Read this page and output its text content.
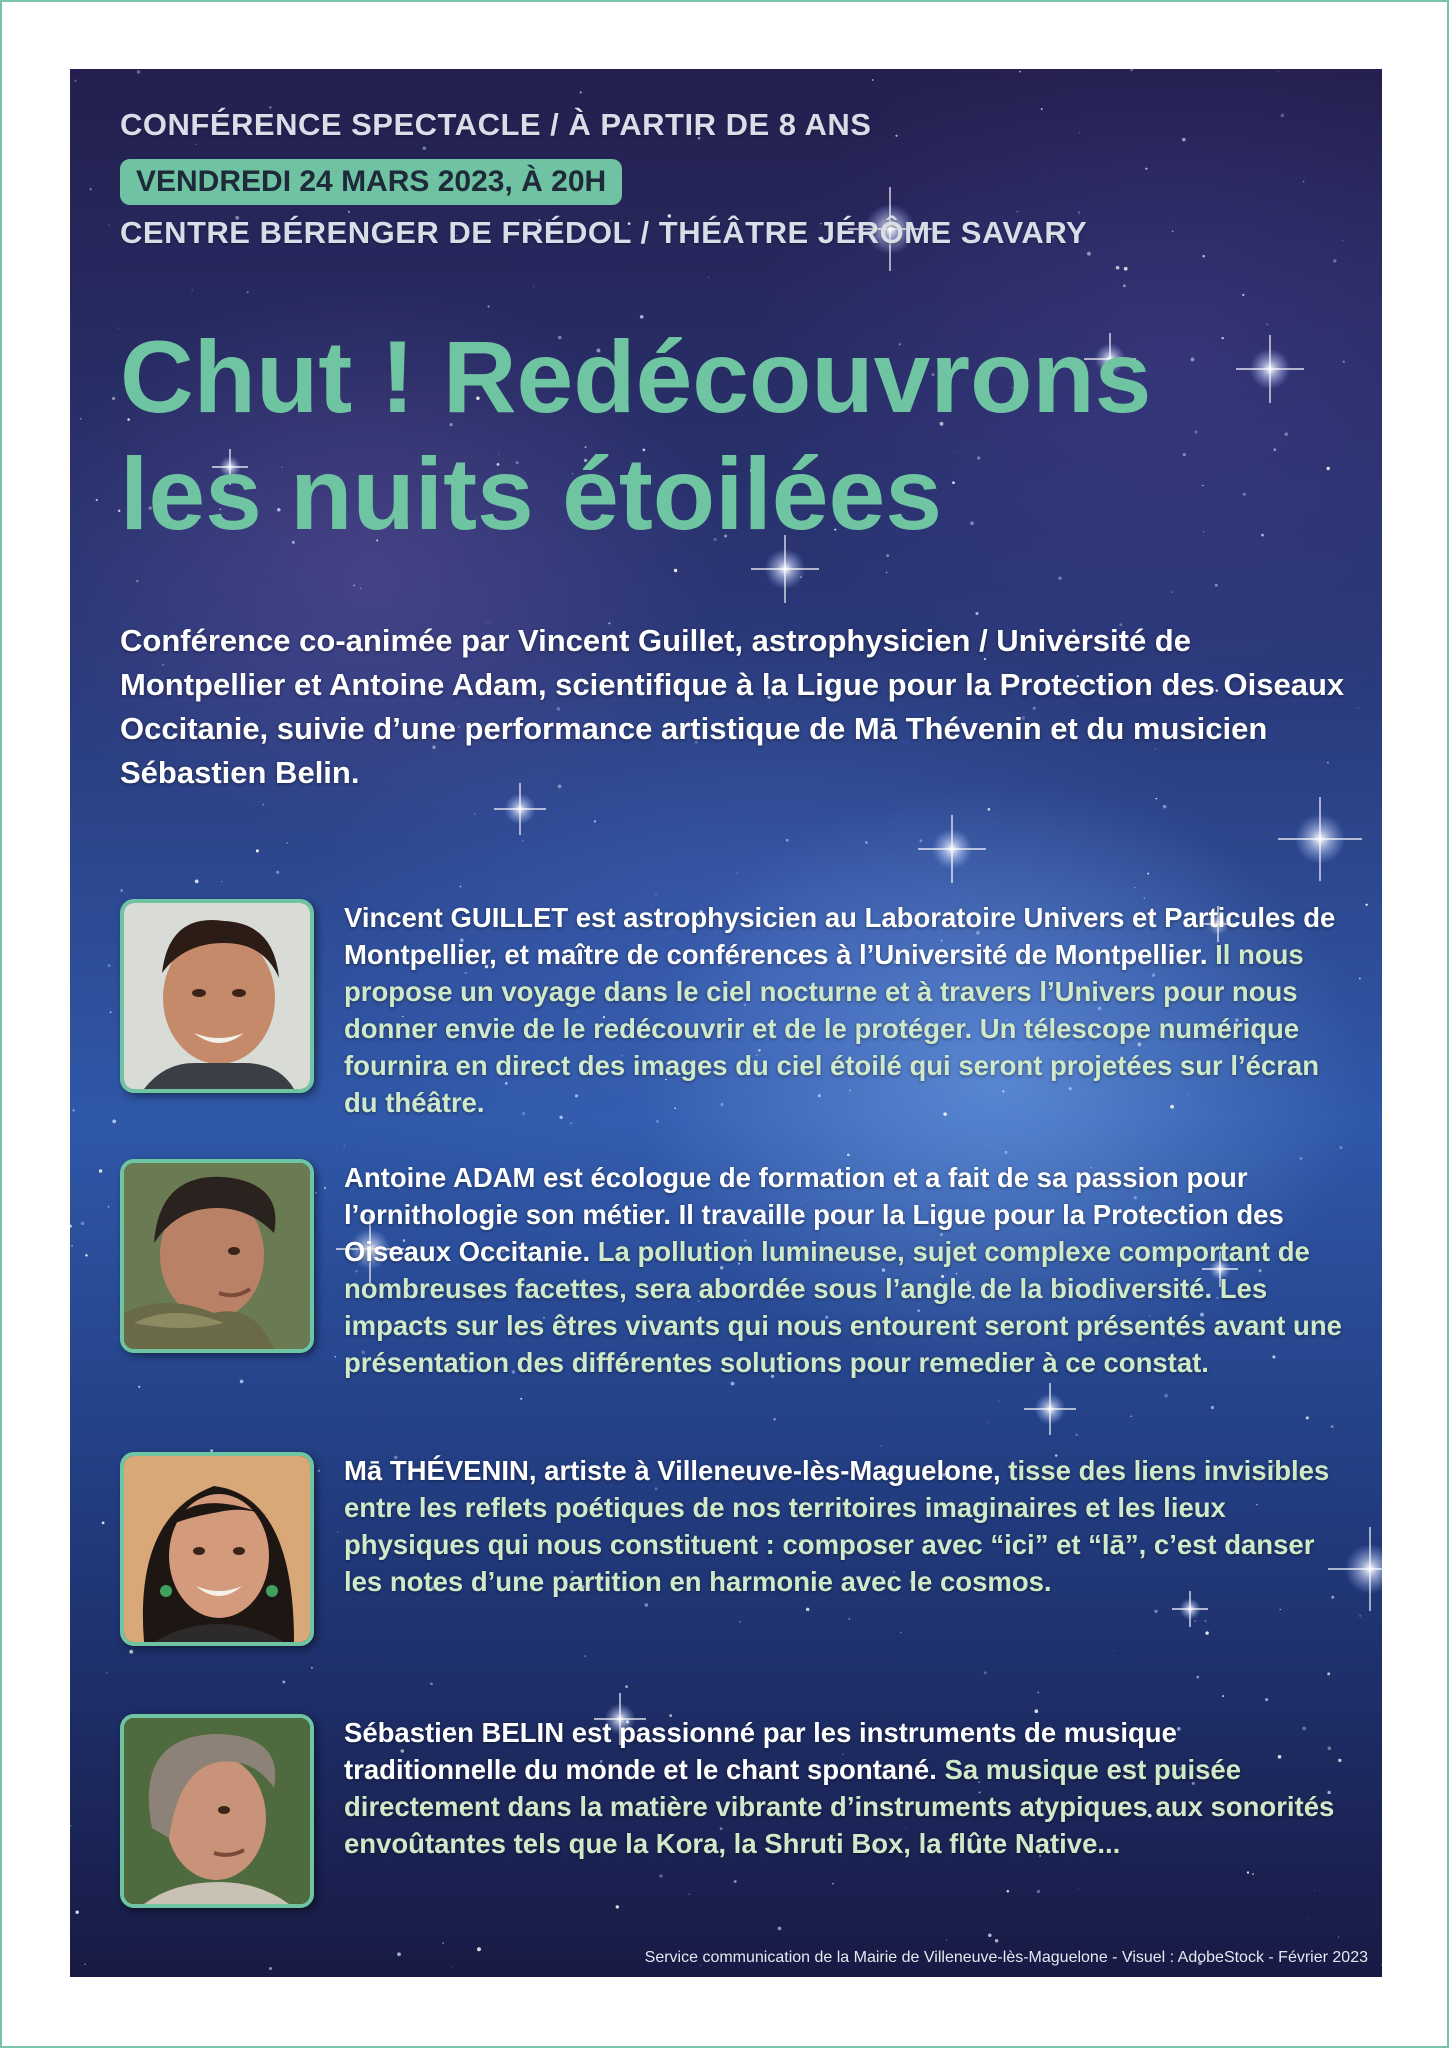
CONFÉRENCE SPECTACLE / À PARTIR DE 8 ANS
VENDREDI 24 MARS 2023, À 20H
CENTRE BÉRENGER DE FRÉDOL / THÉÂTRE JÉRÔME SAVARY
Chut ! Redécouvrons
les nuits étoilées
Conférence co-animée par Vincent Guillet, astrophysicien / Université de Montpellier et Antoine Adam, scientifique à la Ligue pour la Protection des Oiseaux Occitanie, suivie d’une performance artistique de Mā Thévenin et du musicien Sébastien Belin.
Vincent GUILLET est astrophysicien au Laboratoire Univers et Particules de Montpellier, et maître de conférences à l’Université de Montpellier. Il nous propose un voyage dans le ciel nocturne et à travers l’Univers pour nous donner envie de le redécouvrir et de le protéger. Un télescope numérique fournira en direct des images du ciel étoilé qui seront projetées sur l’écran du théâtre.
Antoine ADAM est écologue de formation et a fait de sa passion pour l’ornithologie son métier. Il travaille pour la Ligue pour la Protection des Oiseaux Occitanie. La pollution lumineuse, sujet complexe comportant de nombreuses facettes, sera abordée sous l’angle de la biodiversité. Les impacts sur les êtres vivants qui nous entourent seront présentés avant une présentation des différentes solutions pour remedier à ce constat.
Mā THÉVENIN, artiste à Villeneuve-lès-Maguelone, tisse des liens invisibles entre les reflets poétiques de nos territoires imaginaires et les lieux physiques qui nous constituent : composer avec “ici” et “lā”, c’est danser les notes d’une partition en harmonie avec le cosmos.
Sébastien BELIN est passionné par les instruments de musique traditionnelle du monde et le chant spontané. Sa musique est puisée directement dans la matière vibrante d’instruments atypiques aux sonorités envoûtantes tels que la Kora, la Shruti Box, la flûte Native...
Service communication de la Mairie de Villeneuve-lès-Maguelone - Visuel : AdobeStock - Février 2023
